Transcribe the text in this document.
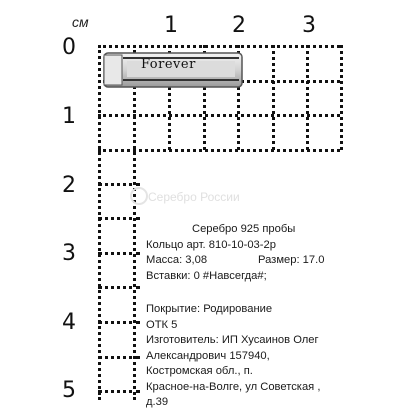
см	1 2	3
0
1
2
3
4
5
Forever
Серебро России
Серебро 925 пробы
Кольцо арт. 810-10-03-2р
Масса: 3,08	Размер: 17.0
Вставки: 0 #Навсегда#;
Покрытие: Родирование
ОТК 5
Изготовитель: ИП Хусаинов Олег
Александрович 157940,
Костромская обл., п.
Красное-на-Волге, ул Советская ,
д.39
